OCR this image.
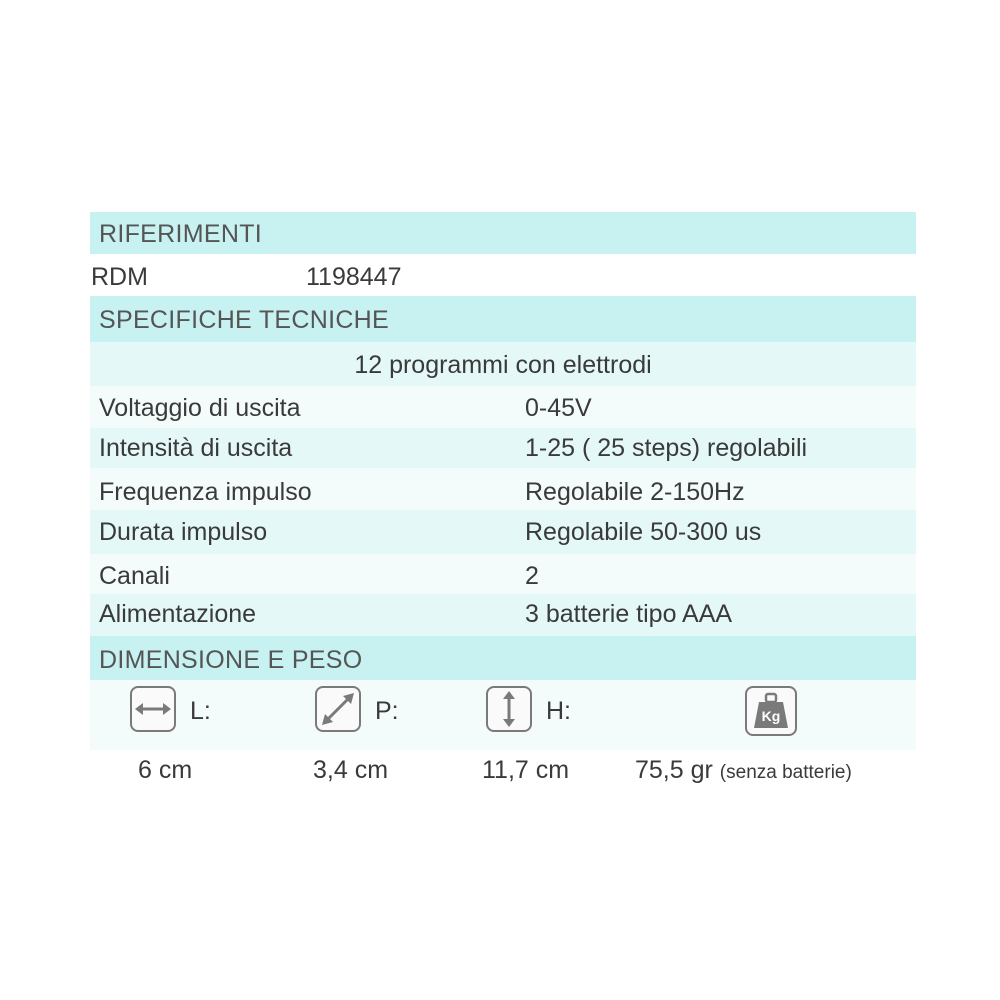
RIFERIMENTI
RDM	1198447
SPECIFICHE TECNICHE
12 programmi con elettrodi
Voltaggio di uscita	0-45V
Intensità di uscita	1-25 ( 25 steps) regolabili
Frequenza impulso	Regolabile 2-150Hz
Durata impulso	Regolabile 50-300 us
Canali	2
Alimentazione	3 batterie tipo AAA
DIMENSIONE E PESO
L:	P:	H:	Kg
6 cm	3,4 cm	11,7 cm	75,5 gr (senza batterie)
